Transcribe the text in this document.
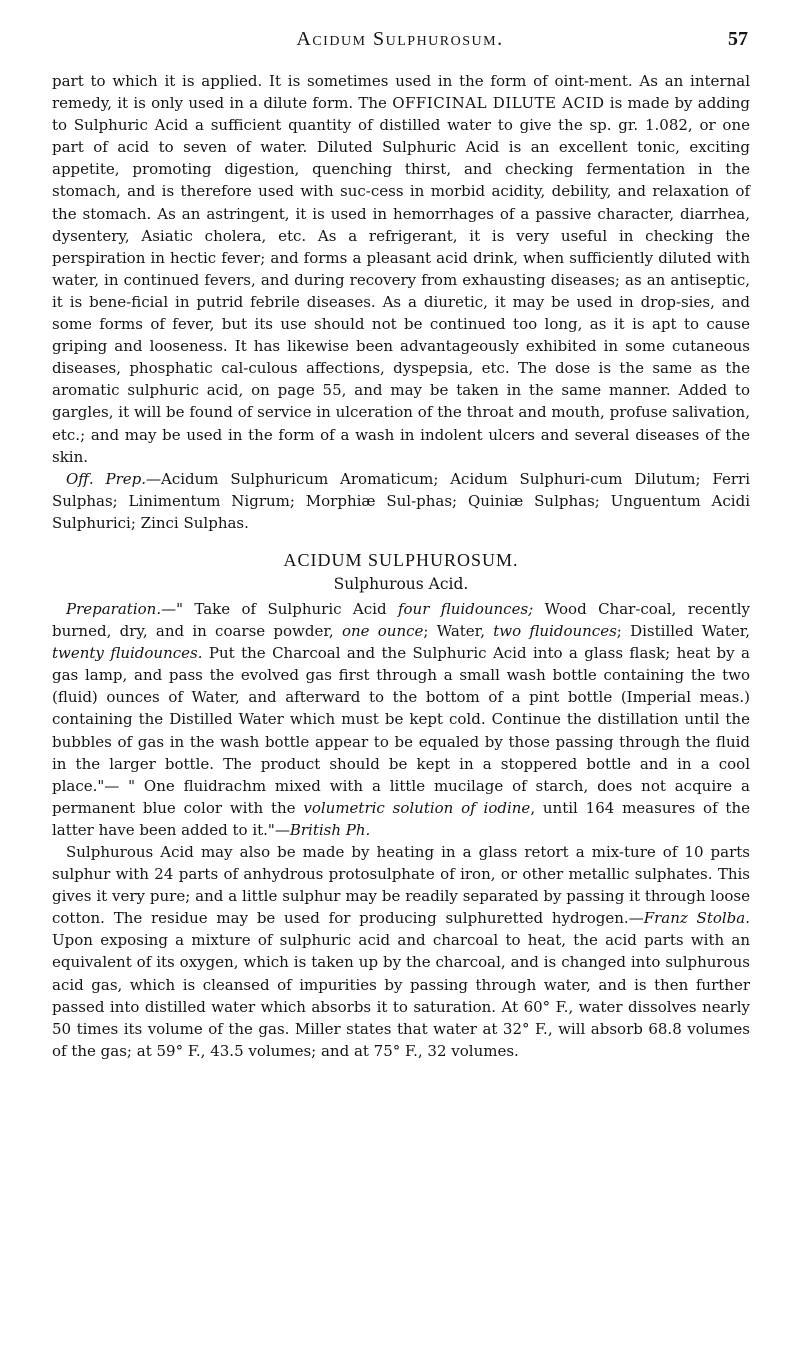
Acidum Sulphurosum.	57

part to which it is applied. It is sometimes used in the form of oint-ment. As an internal remedy, it is only used in a dilute form. The OFFICINAL DILUTE ACID is made by adding to Sulphuric Acid a sufficient quantity of distilled water to give the sp. gr. 1.082, or one part of acid to seven of water. Diluted Sulphuric Acid is an excellent tonic, exciting appetite, promoting digestion, quenching thirst, and checking fermentation in the stomach, and is therefore used with suc-cess in morbid acidity, debility, and relaxation of the stomach. As an astringent, it is used in hemorrhages of a passive character, diarrhea, dysentery, Asiatic cholera, etc. As a refrigerant, it is very useful in checking the perspiration in hectic fever; and forms a pleasant acid drink, when sufficiently diluted with water, in continued fevers, and during recovery from exhausting diseases; as an antiseptic, it is bene-ficial in putrid febrile diseases. As a diuretic, it may be used in drop-sies, and some forms of fever, but its use should not be continued too long, as it is apt to cause griping and looseness. It has likewise been advantageously exhibited in some cutaneous diseases, phosphatic cal-culous affections, dyspepsia, etc. The dose is the same as the aromatic sulphuric acid, on page 55, and may be taken in the same manner. Added to gargles, it will be found of service in ulceration of the throat and mouth, profuse salivation, etc.; and may be used in the form of a wash in indolent ulcers and several diseases of the skin.

Off. Prep.—Acidum Sulphuricum Aromaticum; Acidum Sulphuri-cum Dilutum; Ferri Sulphas; Linimentum Nigrum; Morphiæ Sul-phas; Quiniæ Sulphas; Unguentum Acidi Sulphurici; Zinci Sulphas.

ACIDUM SULPHUROSUM.

Sulphurous Acid.

Preparation.—" Take of Sulphuric Acid four fluidounces; Wood Char-coal, recently burned, dry, and in coarse powder, one ounce; Water, two fluidounces; Distilled Water, twenty fluidounces. Put the Charcoal and the Sulphuric Acid into a glass flask; heat by a gas lamp, and pass the evolved gas first through a small wash bottle containing the two (fluid) ounces of Water, and afterward to the bottom of a pint bottle (Imperial meas.) containing the Distilled Water which must be kept cold. Continue the distillation until the bubbles of gas in the wash bottle appear to be equaled by those passing through the fluid in the larger bottle. The product should be kept in a stoppered bottle and in a cool place."— " One fluidrachm mixed with a little mucilage of starch, does not acquire a permanent blue color with the volumetric solution of iodine, until 164 measures of the latter have been added to it."—British Ph.

Sulphurous Acid may also be made by heating in a glass retort a mix-ture of 10 parts sulphur with 24 parts of anhydrous protosulphate of iron, or other metallic sulphates. This gives it very pure; and a little sulphur may be readily separated by passing it through loose cotton. The residue may be used for producing sulphuretted hydrogen.—Franz Stolba. Upon exposing a mixture of sulphuric acid and charcoal to heat, the acid parts with an equivalent of its oxygen, which is taken up by the charcoal, and is changed into sulphurous acid gas, which is cleansed of impurities by passing through water, and is then further passed into distilled water which absorbs it to saturation. At 60° F., water dissolves nearly 50 times its volume of the gas. Miller states that water at 32° F., will absorb 68.8 volumes of the gas; at 59° F., 43.5 volumes; and at 75° F., 32 volumes.
